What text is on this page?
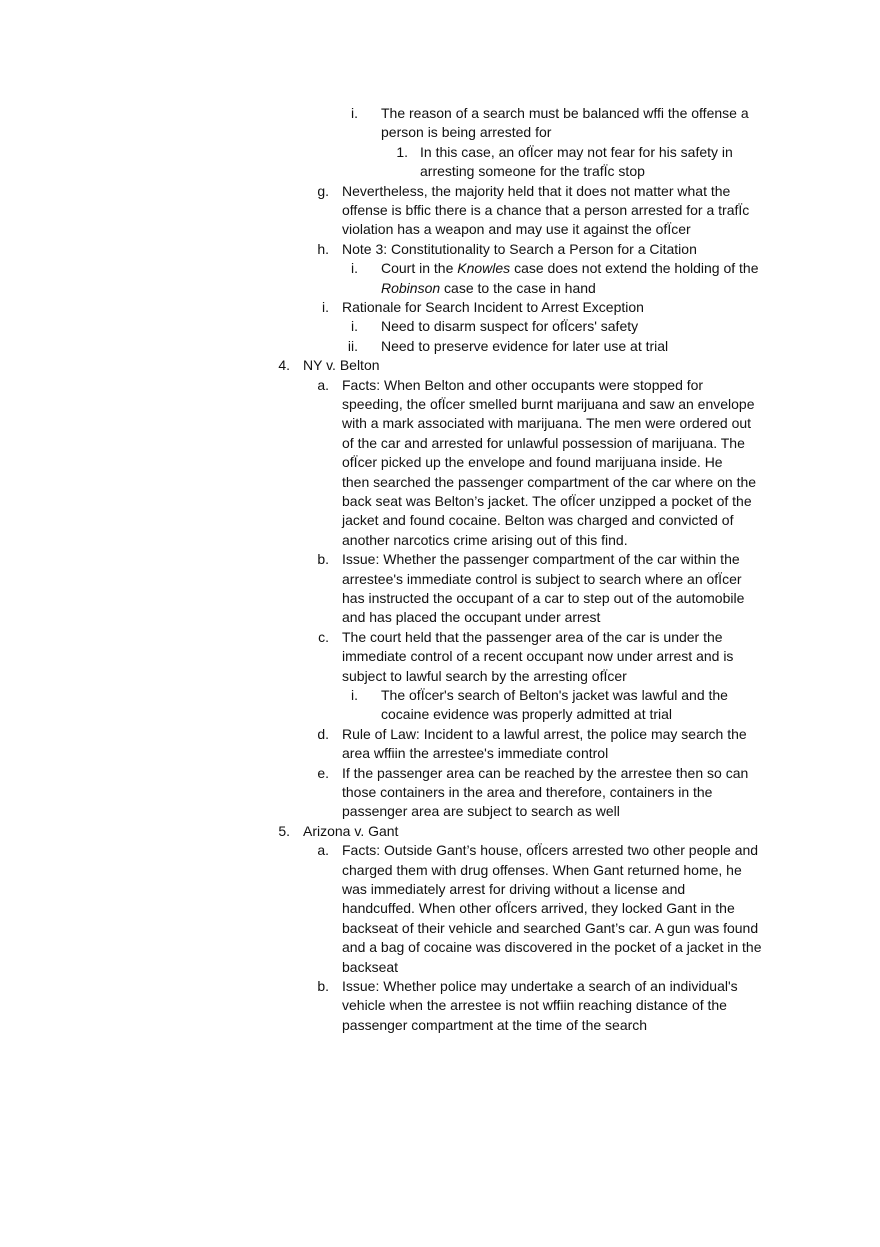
i. The reason of a search must be balanced wffi the offense a
person is being arrested for
1. In this case, an ofÏcer may not fear for his safety in
arresting someone for the trafÏc stop
g. Nevertheless, the majority held that it does not matter what the
offense is bffic there is a chance that a person arrested for a trafÏc
violation has a weapon and may use it against the ofÏcer
h. Note 3: Constitutionality to Search a Person for a Citation
i. Court in the Knowles case does not extend the holding of the
Robinson case to the case in hand
i. Rationale for Search Incident to Arrest Exception
i. Need to disarm suspect for ofÏcers' safety
ii. Need to preserve evidence for later use at trial
4. NY v. Belton
a. Facts: When Belton and other occupants were stopped for
speeding, the ofÏcer smelled burnt marijuana and saw an envelope
with a mark associated with marijuana. The men were ordered out
of the car and arrested for unlawful possession of marijuana. The
ofÏcer picked up the envelope and found marijuana inside. He
then searched the passenger compartment of the car where on the
back seat was Belton’s jacket. The ofÏcer unzipped a pocket of the
jacket and found cocaine. Belton was charged and convicted of
another narcotics crime arising out of this find.
b. Issue: Whether the passenger compartment of the car within the
arrestee's immediate control is subject to search where an ofÏcer
has instructed the occupant of a car to step out of the automobile
and has placed the occupant under arrest
c. The court held that the passenger area of the car is under the
immediate control of a recent occupant now under arrest and is
subject to lawful search by the arresting ofÏcer
i. The ofÏcer's search of Belton's jacket was lawful and the
cocaine evidence was properly admitted at trial
d. Rule of Law: Incident to a lawful arrest, the police may search the
area wffiin the arrestee's immediate control
e. If the passenger area can be reached by the arrestee then so can
those containers in the area and therefore, containers in the
passenger area are subject to search as well
5. Arizona v. Gant
a. Facts: Outside Gant’s house, ofÏcers arrested two other people and
charged them with drug offenses. When Gant returned home, he
was immediately arrest for driving without a license and
handcuffed. When other ofÏcers arrived, they locked Gant in the
backseat of their vehicle and searched Gant’s car. A gun was found
and a bag of cocaine was discovered in the pocket of a jacket in the
backseat
b. Issue: Whether police may undertake a search of an individual's
vehicle when the arrestee is not wffiin reaching distance of the
passenger compartment at the time of the search
